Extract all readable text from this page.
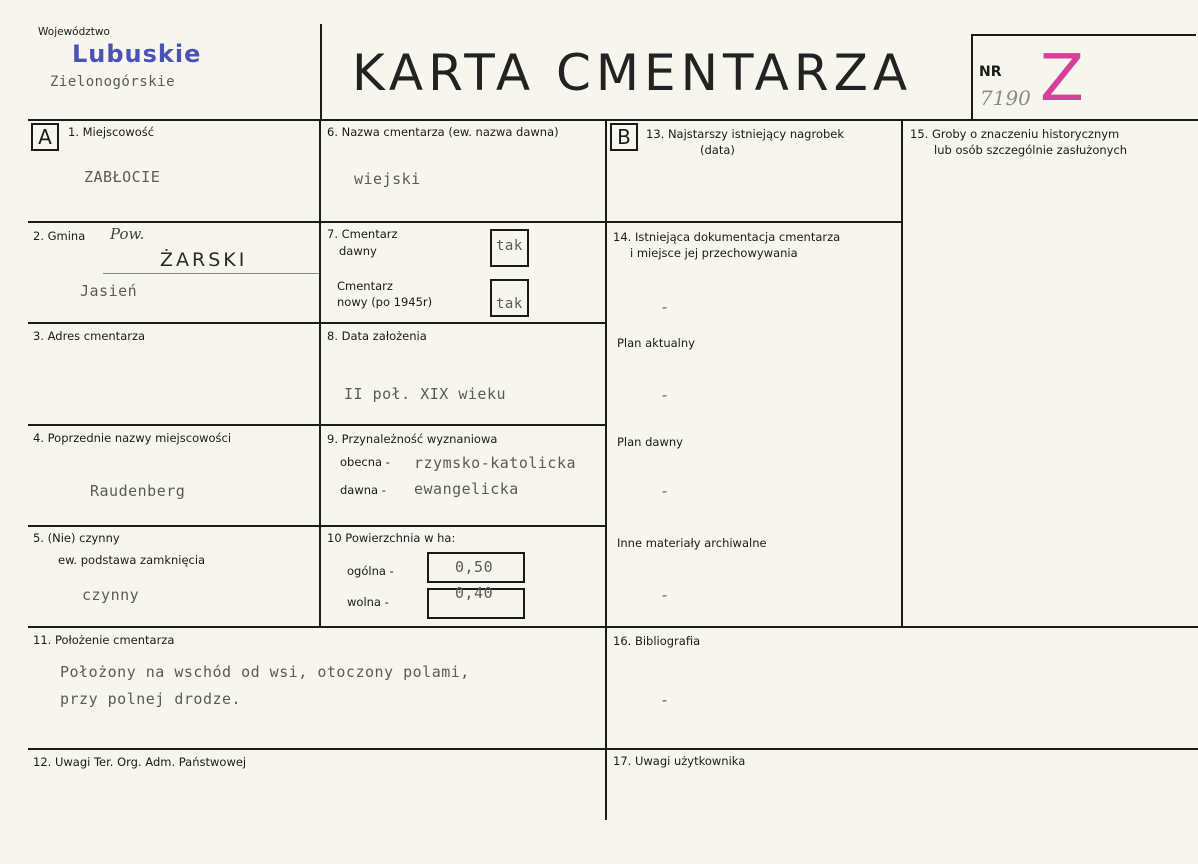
Województwo
Lubuskie
Zielonogórskie	KARTA CMENTARZA	NR
7190 Z
A	1. Miejscowość
ZABŁOCIE
2. Gmina Pow.
ŻARSKI
Jasień
3. Adres cmentarza
4. Poprzednie nazwy miejscowości
Raudenberg
5. (Nie) czynny
ew. podstawa zamknięcia
czynny
6. Nazwa cmentarza (ew. nazwa dawna)
wiejski
7. Cmentarz
dawny	tak
Cmentarz
nowy (po 1945r)	tak
8. Data założenia
II poł. XIX wieku
9. Przynależność wyznaniowa
obecna - rzymsko-katolicka
dawna - ewangelicka
10 Powierzchnia w ha:
ogólna -	0,50
wolna -	0,40
B	13. Najstarszy istniejący nagrobek
(data)
14. Istniejąca dokumentacja cmentarza
i miejsce jej przechowywania
-
Plan aktualny
-
Plan dawny
-
Inne materiały archiwalne
-
15. Groby o znaczeniu historycznym
lub osób szczególnie zasłużonych
11. Położenie cmentarza
Położony na wschód od wsi, otoczony polami,
przy polnej drodze.
16. Bibliografia
-
12. Uwagi Ter. Org. Adm. Państwowej	17. Uwagi użytkownika
